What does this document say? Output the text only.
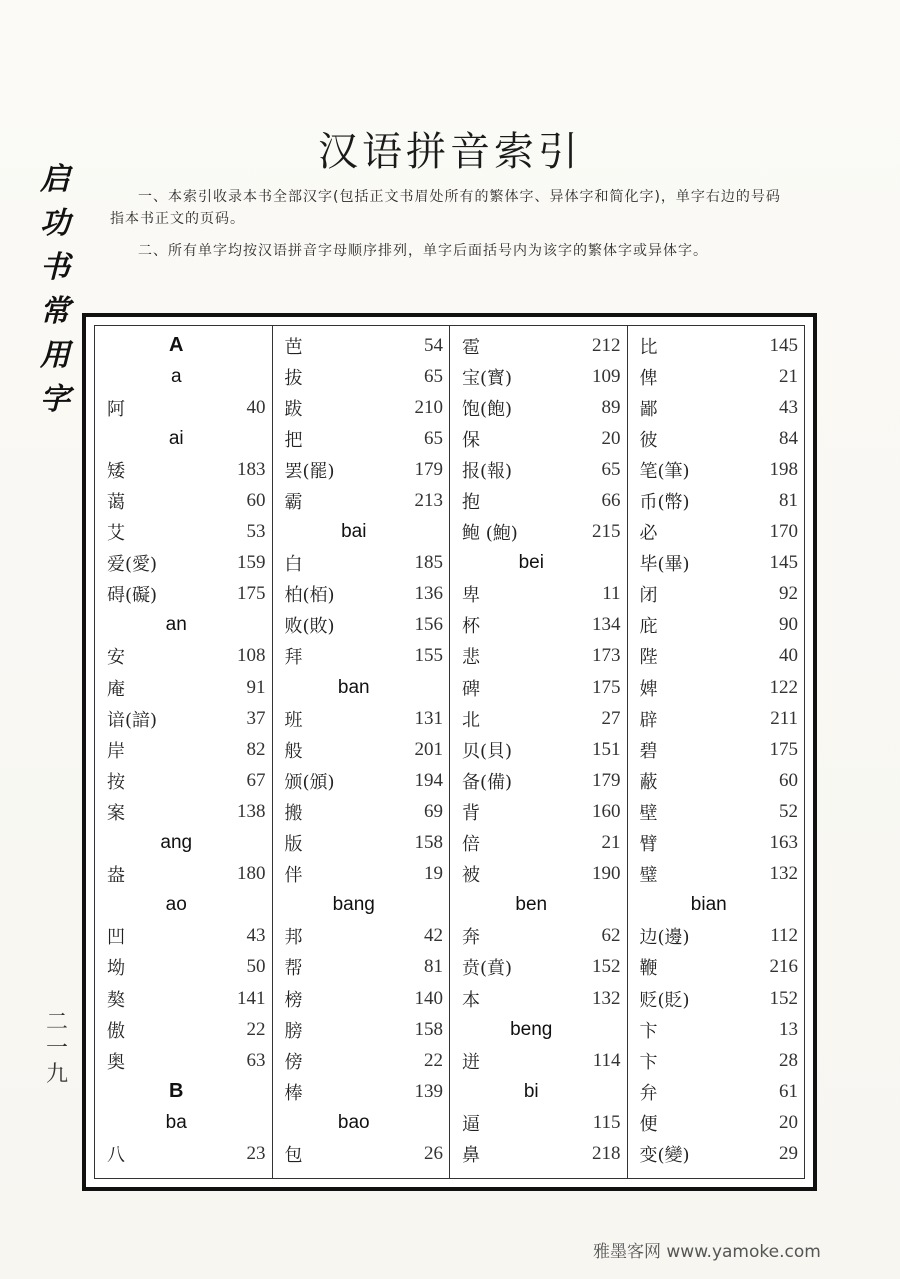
启
功
书
常
用
字
二
一
九
汉语拼音索引

一、本索引收录本书全部汉字(包括正文书眉处所有的繁体字、异体字和简化字)，单字右边的号码指本书正文的页码。

二、所有单字均按汉语拼音字母顺序排列，单字后面括号内为该字的繁体字或异体字。

A
a
阿	40
ai
矮	183
蔼	60
艾	53
爱(愛)	159
碍(礙)	175
an
安	108
庵	91
谙(諳)	37
岸	82
按	67
案	138
ang
盎	180
ao
凹	43
坳	50
獒	141
傲	22
奥	63
B
ba
八	23
芭	54
拔	65
跋	210
把	65
罢(罷)	179
霸	213
bai
白	185
柏(栢)	136
败(敗)	156
拜	155
ban
班	131
般	201
颁(頒)	194
搬	69
版	158
伴	19
bang
邦	42
帮	81
榜	140
膀	158
傍	22
棒	139
bao
包	26
雹	212
宝(寳)	109
饱(飽)	89
保	20
报(報)	65
抱	66
鲍 (鮑)	215
bei
卑	11
杯	134
悲	173
碑	175
北	27
贝(貝)	151
备(備)	179
背	160
倍	21
被	190
ben
奔	62
贲(賁)	152
本	132
beng
迸	114
bi
逼	115
鼻	218
比	145
俾	21
鄙	43
彼	84
笔(筆)	198
币(幣)	81
必	170
毕(畢)	145
闭	92
庇	90
陛	40
婢	122
辟	211
碧	175
蔽	60
壁	52
臂	163
璧	132
bian
边(邊)	112
鞭	216
贬(貶)	152
卞	13
卞	28
弁	61
便	20
变(變)	29
雅墨客网 www.yamoke.com
